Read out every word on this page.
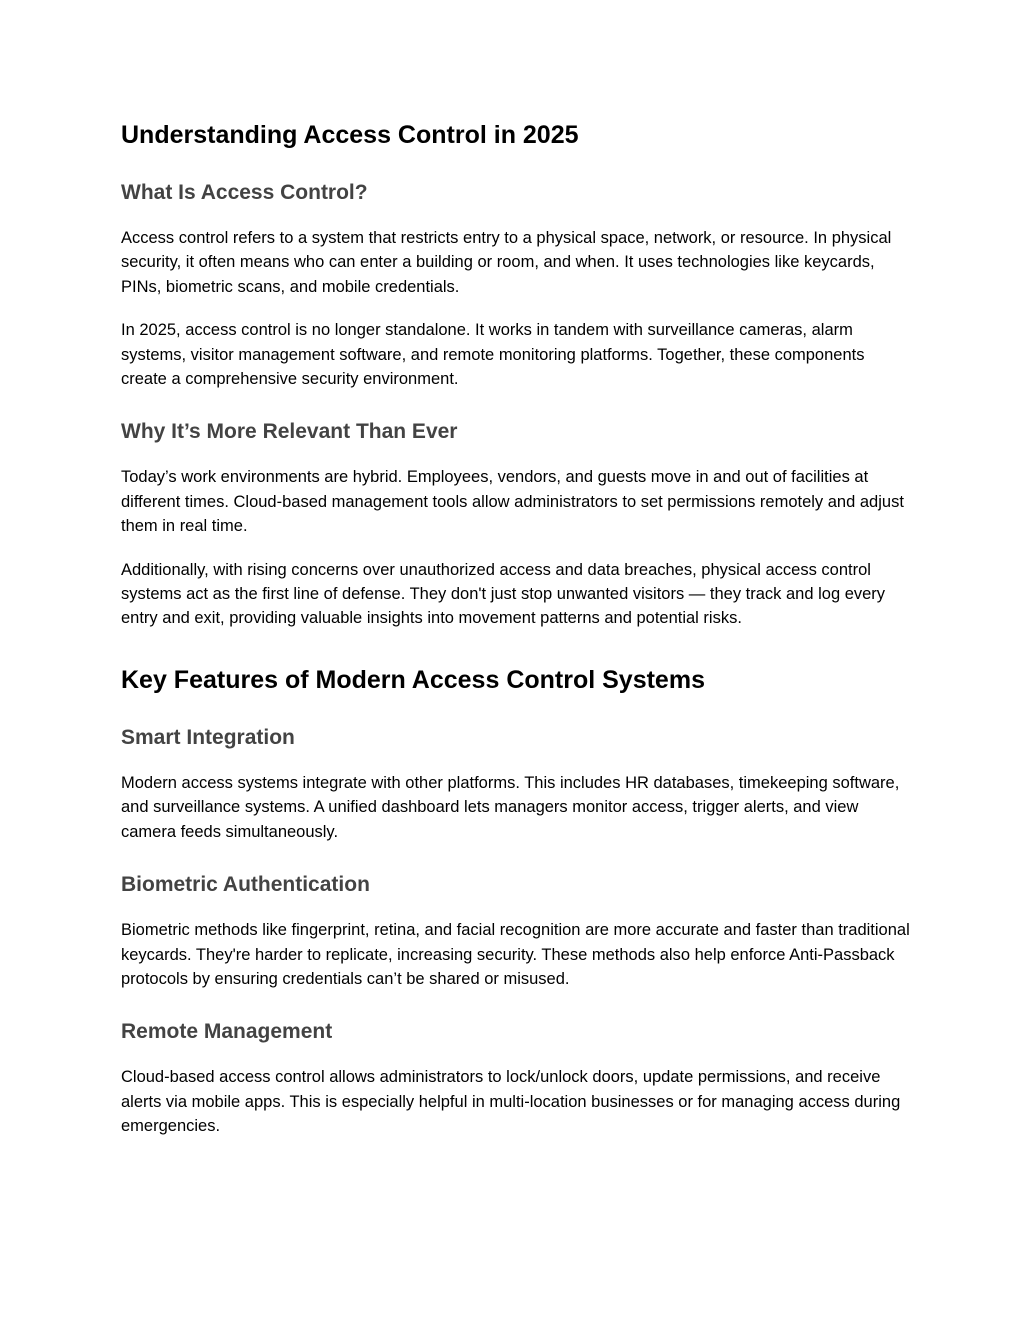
Understanding Access Control in 2025
What Is Access Control?

Access control refers to a system that restricts entry to a physical space, network, or resource. In physical security, it often means who can enter a building or room, and when. It uses technologies like keycards, PINs, biometric scans, and mobile credentials.

In 2025, access control is no longer standalone. It works in tandem with surveillance cameras, alarm systems, visitor management software, and remote monitoring platforms. Together, these components create a comprehensive security environment.

Why It’s More Relevant Than Ever

Today’s work environments are hybrid. Employees, vendors, and guests move in and out of facilities at different times. Cloud-based management tools allow administrators to set permissions remotely and adjust them in real time.

Additionally, with rising concerns over unauthorized access and data breaches, physical access control systems act as the first line of defense. They don't just stop unwanted visitors — they track and log every entry and exit, providing valuable insights into movement patterns and potential risks.

Key Features of Modern Access Control Systems
Smart Integration

Modern access systems integrate with other platforms. This includes HR databases, timekeeping software, and surveillance systems. A unified dashboard lets managers monitor access, trigger alerts, and view camera feeds simultaneously.

Biometric Authentication

Biometric methods like fingerprint, retina, and facial recognition are more accurate and faster than traditional keycards. They're harder to replicate, increasing security. These methods also help enforce Anti-Passback protocols by ensuring credentials can’t be shared or misused.

Remote Management

Cloud-based access control allows administrators to lock/unlock doors, update permissions, and receive alerts via mobile apps. This is especially helpful in multi-location businesses or for managing access during emergencies.
